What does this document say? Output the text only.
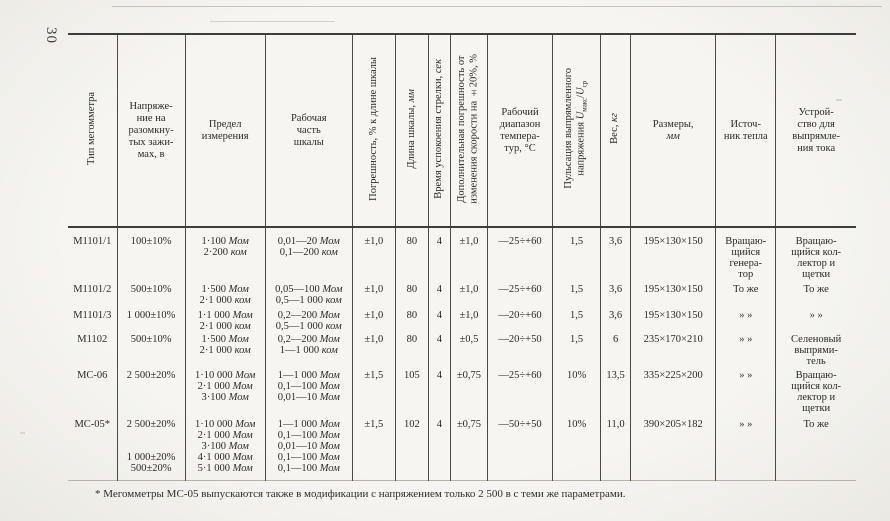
30
Тип мегомметра	Напряже-
ние на
разомкну-
тых зажи-
мах, в	Предел
измерения	Рабочая
часть
шкалы	Погрешность, % к длине шкалы	Длина шкалы, мм	Время успокоения стрелки, сек	Дополнительная погрешность от изменения скорости на ±20%, %	Рабочий
диапазон
темпера-
тур, °С	Пульсация выпрямленного напряжения $U_{макс}/U_{ср}$	Вес, кг	Размеры,
мм	Источ-
ник тепла	Устрой-
ство для
выпрямле-
ния тока
М1101/1	100±10%	1·100 Мом
2·200 ком	0,01—20 Мом
0,1—200 ком	±1,0	80	4	±1,0	—25÷+60	1,5	3,6	195×130×150	Вращаю-
щийся
генера-
тор	Вращаю-
щийся кол-
лектор и
щетки
М1101/2	500±10%	1·500 Мом
2·1 000 ком	0,05—100 Мом
0,5—1 000 ком	±1,0	80	4	±1,0	—25÷+60	1,5	3,6	195×130×150	То же	То же
М1101/3	1 000±10%	1·1 000 Мом
2·1 000 ком	0,2—200 Мом
0,5—1 000 ком	±1,0	80	4	±1,0	—20÷+60	1,5	3,6	195×130×150	» »	» »
М1102	500±10%	1·500 Мом
2·1 000 ком	0,2—200 Мом
1—1 000 ком	±1,0	80	4	±0,5	—20÷+50	1,5	6	235×170×210	» »	Селеновый
выпрями-
тель
МС-06	2 500±20%	1·10 000 Мом
2·1 000 Мом
3·100 Мом	1—1 000 Мом
0,1—100 Мом
0,01—10 Мом	±1,5	105	4	±0,75	—25÷+60	10%	13,5	335×225×200	» »	Вращаю-
щийся кол-
лектор и
щетки
МС-05*	2 500±20%

1 000±20%
500±20%	1·10 000 Мом
2·1 000 Мом
3·100 Мом
4·1 000 Мом
5·1 000 Мом	1—1 000 Мом
0,1—100 Мом
0,01—10 Мом
0,1—100 Мом
0,1—100 Мом	±1,5	102	4	±0,75	—50÷+50	10%	11,0	390×205×182	» »	То же
* Мегомметры МС-05 выпускаются также в модификации с напряжением только 2 500 в с теми же параметрами.
